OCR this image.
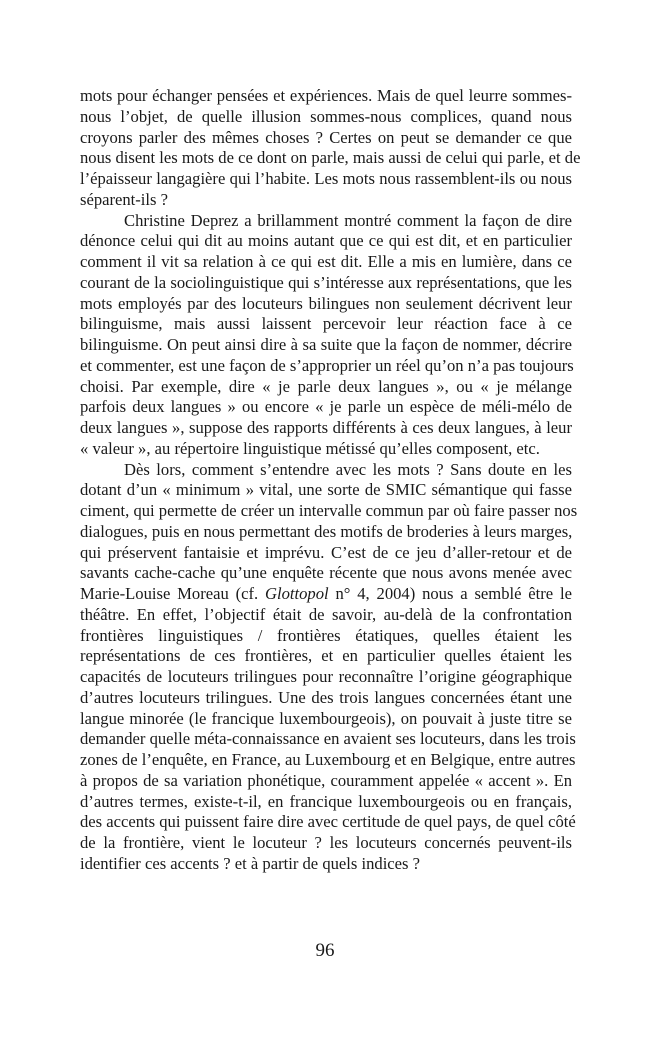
mots pour échanger pensées et expériences. Mais de quel leurre sommes-
nous l’objet, de quelle illusion sommes-nous complices, quand nous
croyons parler des mêmes choses ? Certes on peut se demander ce que
nous disent les mots de ce dont on parle, mais aussi de celui qui parle, et de
l’épaisseur langagière qui l’habite. Les mots nous rassemblent-ils ou nous
séparent-ils ?

Christine Deprez a brillamment montré comment la façon de dire
dénonce celui qui dit au moins autant que ce qui est dit, et en particulier
comment il vit sa relation à ce qui est dit. Elle a mis en lumière, dans ce
courant de la sociolinguistique qui s’intéresse aux représentations, que les
mots employés par des locuteurs bilingues non seulement décrivent leur
bilinguisme, mais aussi laissent percevoir leur réaction face à ce
bilinguisme. On peut ainsi dire à sa suite que la façon de nommer, décrire
et commenter, est une façon de s’approprier un réel qu’on n’a pas toujours
choisi. Par exemple, dire « je parle deux langues », ou « je mélange
parfois deux langues » ou encore « je parle un espèce de méli-mélo de
deux langues », suppose des rapports différents à ces deux langues, à leur
« valeur », au répertoire linguistique métissé qu’elles composent, etc.

Dès lors, comment s’entendre avec les mots ? Sans doute en les
dotant d’un « minimum » vital, une sorte de SMIC sémantique qui fasse
ciment, qui permette de créer un intervalle commun par où faire passer nos
dialogues, puis en nous permettant des motifs de broderies à leurs marges,
qui préservent fantaisie et imprévu. C’est de ce jeu d’aller-retour et de
savants cache-cache qu’une enquête récente que nous avons menée avec
Marie-Louise Moreau (cf. Glottopol n° 4, 2004) nous a semblé être le
théâtre. En effet, l’objectif était de savoir, au-delà de la confrontation
frontières linguistiques / frontières étatiques, quelles étaient les
représentations de ces frontières, et en particulier quelles étaient les
capacités de locuteurs trilingues pour reconnaître l’origine géographique
d’autres locuteurs trilingues. Une des trois langues concernées étant une
langue minorée (le francique luxembourgeois), on pouvait à juste titre se
demander quelle méta-connaissance en avaient ses locuteurs, dans les trois
zones de l’enquête, en France, au Luxembourg et en Belgique, entre autres
à propos de sa variation phonétique, couramment appelée « accent ». En
d’autres termes, existe-t-il, en francique luxembourgeois ou en français,
des accents qui puissent faire dire avec certitude de quel pays, de quel côté
de la frontière, vient le locuteur ? les locuteurs concernés peuvent-ils
identifier ces accents ? et à partir de quels indices ?

96
